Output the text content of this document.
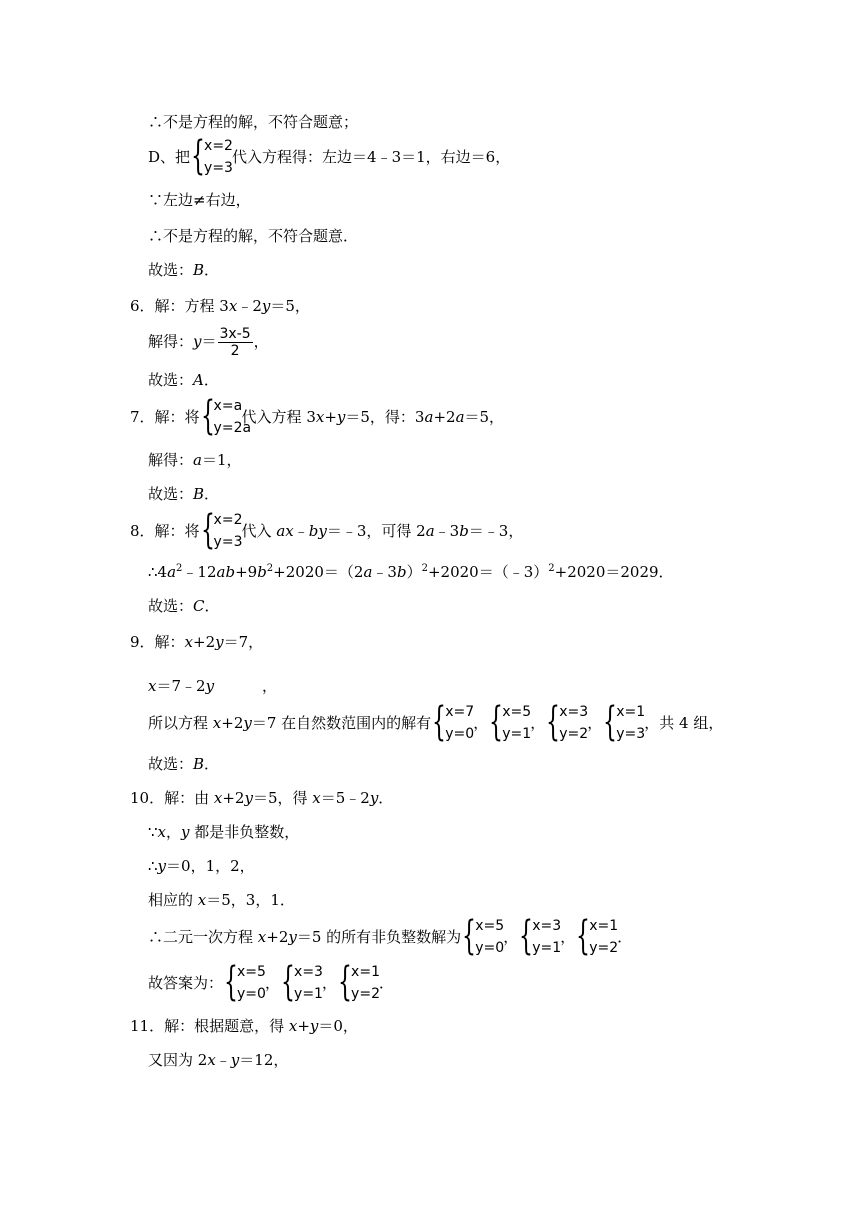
∴不是方程的解，不符合题意；
D、把 { x=2
y=3
代入方程得：左边＝4﹣3＝1，右边＝6，
∵左边≠右边，
∴不是方程的解，不符合题意．
故选：B．
6．解：方程 3x﹣2y＝5，
解得：$y= \frac{3x-5}{2}$ ，
故选：A．
7．解：将 { x=a
y=2a
代入方程 3x+y＝5，得：3a+2a＝5，
解得：a＝1，
故选：B．
8．解：将 { x=2
y=3
代入 ax﹣by＝﹣3，可得 2a﹣3b＝﹣3，
$\therefore 4a^2﹣12ab+9b^2+2020=(2a﹣3b)^2+2020=(﹣3)^2+2020=2029$．
故选：C．
9．解：x+2y＝7，
x＝7﹣2y	，
所以方程 x+2y＝7 在自然数范围内的解有 { x=7
y=0
， { x=5
y=1
， { x=3
y=2
， { x=1
y=3
，共 4 组，
故选：B．
10．解：由 x+2y＝5，得 x＝5﹣2y．
∵x，y 都是非负整数，
∴y＝0，1，2，
相应的 x＝5，3，1．
∴二元一次方程 x+2y＝5 的所有非负整数解为 { x=5
y=0
， { x=3
y=1
， { x=1
y=2
．
故答案为： { x=5
y=0
， { x=3
y=1
， { x=1
y=2
．
11．解：根据题意，得 x+y＝0，
又因为 2x﹣y＝12，
